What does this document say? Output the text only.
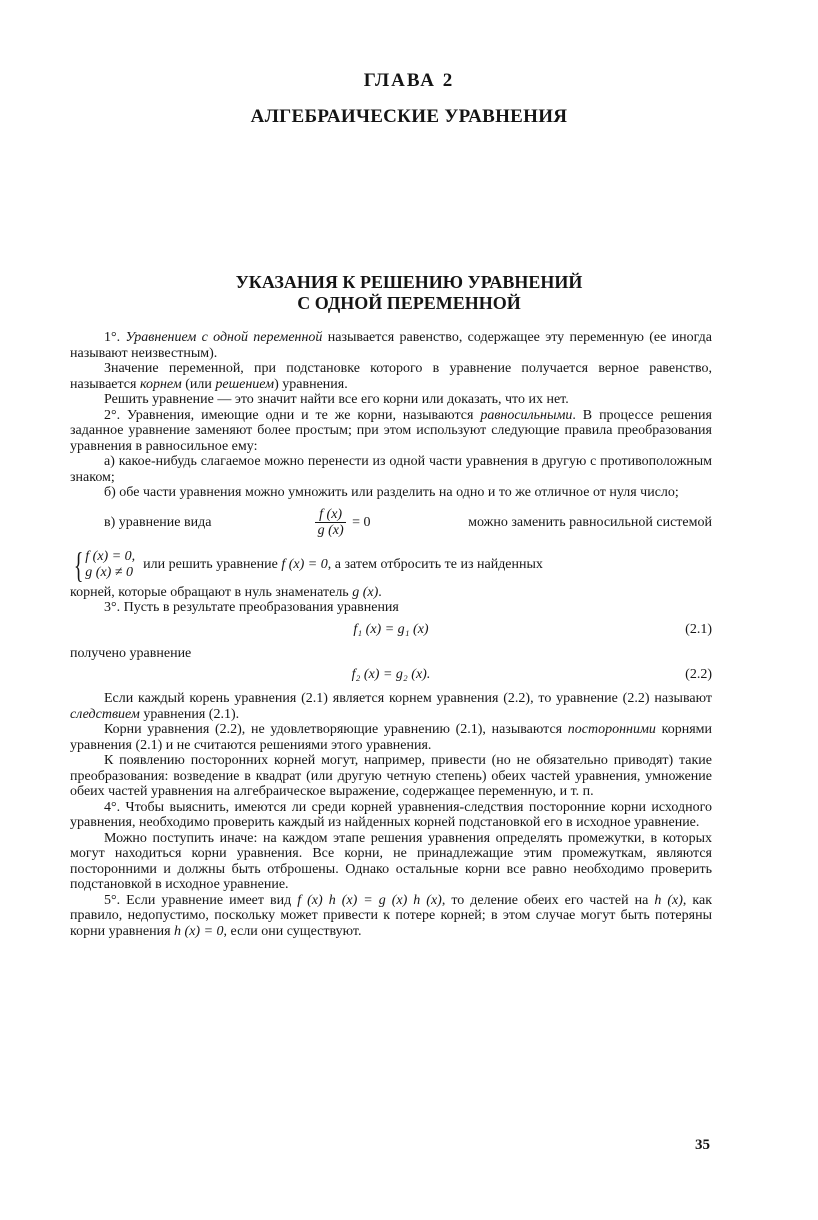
ГЛАВА 2
АЛГЕБРАИЧЕСКИЕ УРАВНЕНИЯ
УКАЗАНИЯ К РЕШЕНИЮ УРАВНЕНИЙ
С ОДНОЙ ПЕРЕМЕННОЙ

1°. Уравнением с одной переменной называется равенство, содержащее эту переменную (ее иногда называют неизвестным).

Значение переменной, при подстановке которого в уравнение получается верное равенство, называется корнем (или решением) уравнения.

Решить уравнение — это значит найти все его корни или доказать, что их нет.

2°. Уравнения, имеющие одни и те же корни, называются равносильными. В процессе решения заданное уравнение заменяют более простым; при этом используют следующие правила преобразования уравнения в равносильное ему:

а) какое-нибудь слагаемое можно перенести из одной части уравнения в другую с противоположным знаком;

б) обе части уравнения можно умножить или разделить на одно и то же отличное от нуля число;

в) уравнение вида	$\frac{f (x)}{g (x)} = 0$	можно заменить равносильной системой
{ f (x) = 0,
g (x) ≠ 0
или решить уравнение f (x) = 0, а затем отбросить те из найденных

корней, которые обращают в нуль знаменатель g (x).

3°. Пусть в результате преобразования уравнения

f₁ (x) = g₁ (x)	(2.1)

получено уравнение

f₂ (x) = g₂ (x).	(2.2)

Если каждый корень уравнения (2.1) является корнем уравнения (2.2), то уравнение (2.2) называют следствием уравнения (2.1).

Корни уравнения (2.2), не удовлетворяющие уравнению (2.1), называются посторонними корнями уравнения (2.1) и не считаются решениями этого уравнения.

К появлению посторонних корней могут, например, привести (но не обязательно приводят) такие преобразования: возведение в квадрат (или другую четную степень) обеих частей уравнения, умножение обеих частей уравнения на алгебраическое выражение, содержащее переменную, и т. п.

4°. Чтобы выяснить, имеются ли среди корней уравнения-следствия посторонние корни исходного уравнения, необходимо проверить каждый из найденных корней подстановкой его в исходное уравнение.

Можно поступить иначе: на каждом этапе решения уравнения определять промежутки, в которых могут находиться корни уравнения. Все корни, не принадлежащие этим промежуткам, являются посторонними и должны быть отброшены. Однако остальные корни все равно необходимо проверить подстановкой в исходное уравнение.

5°. Если уравнение имеет вид f (x) h (x) = g (x) h (x), то деление обеих его частей на h (x), как правило, недопустимо, поскольку может привести к потере корней; в этом случае могут быть потеряны корни уравнения h (x) = 0, если они существуют.

35
